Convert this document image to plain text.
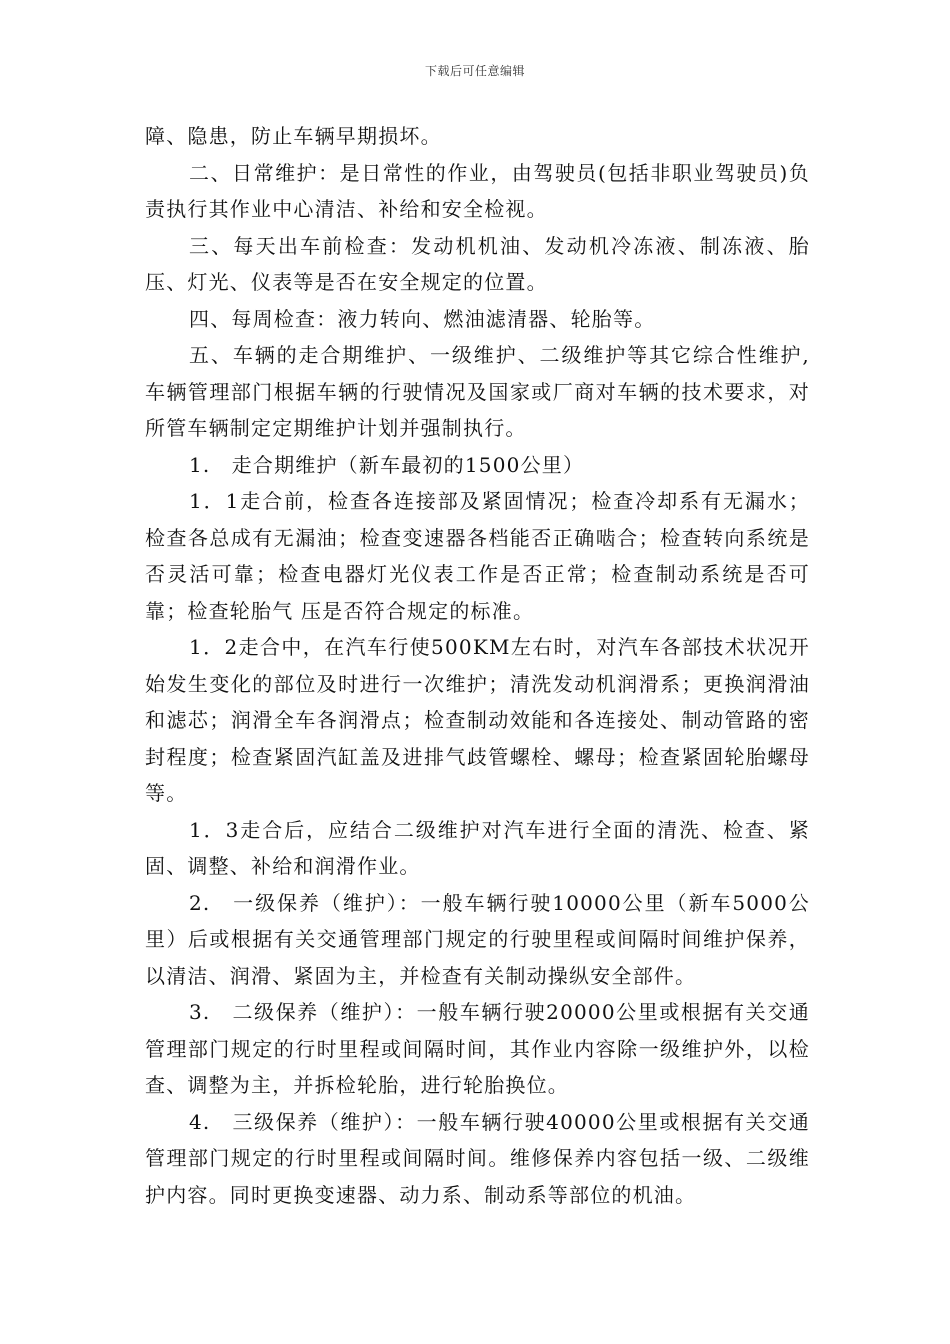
下载后可任意编辑

障、隐患，防止车辆早期损坏。

二、日常维护：是日常性的作业，由驾驶员(包括非职业驾驶员)负责执行其作业中心清洁、补给和安全检视。

三、每天出车前检查：发动机机油、发动机冷冻液、制冻液、胎压、灯光、仪表等是否在安全规定的位置。

四、每周检查：液力转向、燃油滤清器、轮胎等。

五、车辆的走合期维护、一级维护、二级维护等其它综合性维护,车辆管理部门根据车辆的行驶情况及国家或厂商对车辆的技术要求，对所管车辆制定定期维护计划并强制执行。

1.　走合期维护（新车最初的1500公里）

1．1走合前，检查各连接部及紧固情况；检查冷却系有无漏水；检查各总成有无漏油；检查变速器各档能否正确啮合；检查转向系统是否灵活可靠；检查电器灯光仪表工作是否正常；检查制动系统是否可靠；检查轮胎气 压是否符合规定的标准。

1．2走合中，在汽车行使500KM左右时，对汽车各部技术状况开始发生变化的部位及时进行一次维护；清洗发动机润滑系；更换润滑油和滤芯；润滑全车各润滑点；检查制动效能和各连接处、制动管路的密封程度；检查紧固汽缸盖及进排气歧管螺栓、螺母；检查紧固轮胎螺母等。

1．3走合后，应结合二级维护对汽车进行全面的清洗、检查、紧固、调整、补给和润滑作业。

2.　一级保养（维护）：一般车辆行驶10000公里（新车5000公里）后或根据有关交通管理部门规定的行驶里程或间隔时间维护保养，以清洁、润滑、紧固为主，并检查有关制动操纵安全部件。

3.　二级保养（维护）：一般车辆行驶20000公里或根据有关交通管理部门规定的行时里程或间隔时间，其作业内容除一级维护外，以检查、调整为主，并拆检轮胎，进行轮胎换位。

4.　三级保养（维护）：一般车辆行驶40000公里或根据有关交通管理部门规定的行时里程或间隔时间。维修保养内容包括一级、二级维护内容。同时更换变速器、动力系、制动系等部位的机油。
